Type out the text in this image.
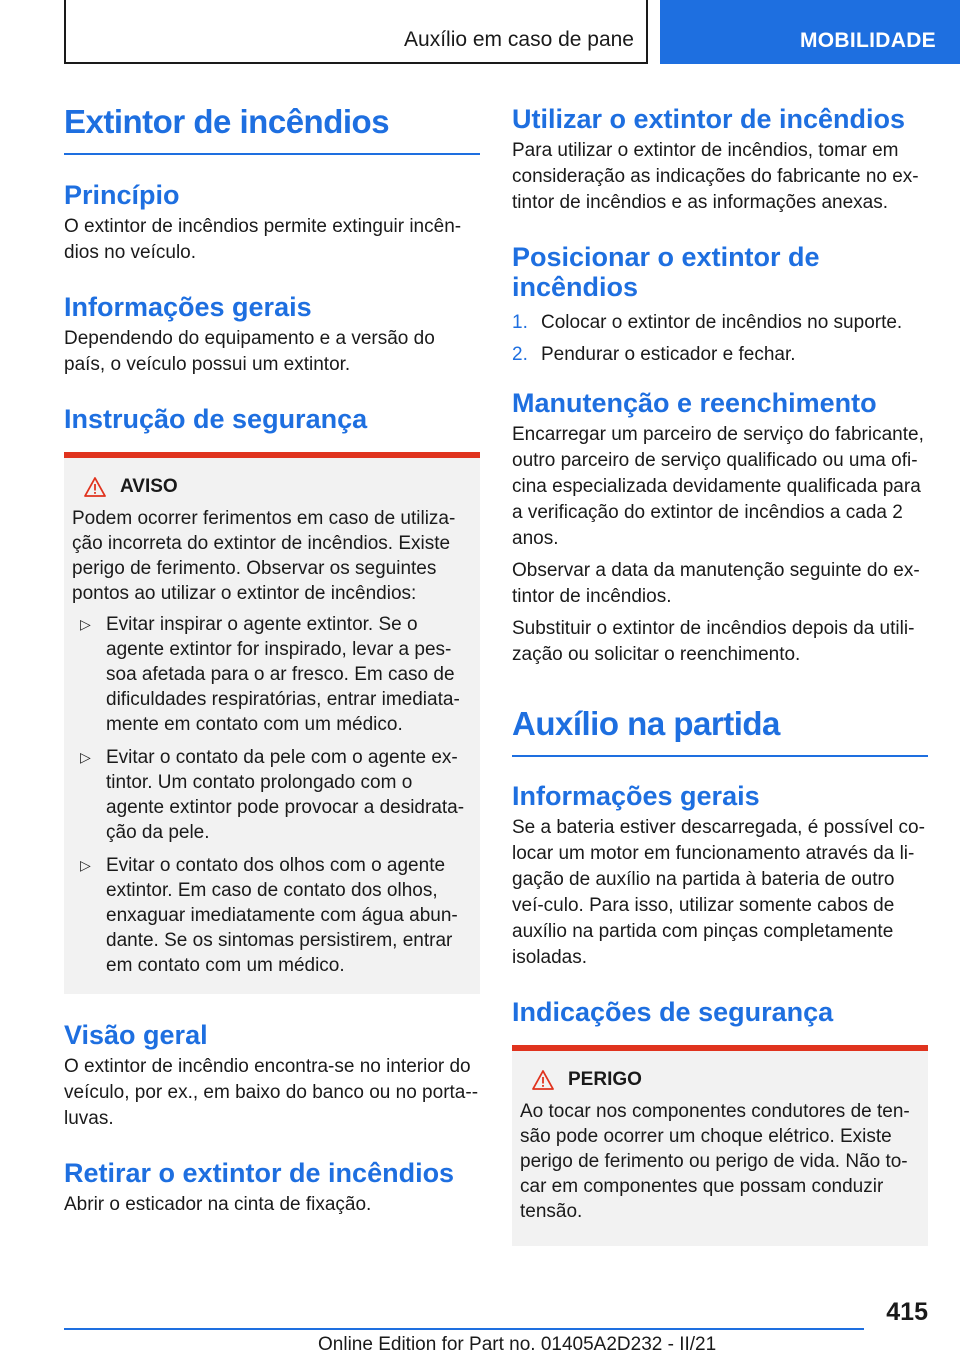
Auxílio em caso de pane	MOBILIDADE
Extintor de incêndios
Princípio

O extintor de incêndios permite extinguir incên-dios no veículo.

Informações gerais

Dependendo do equipamento e a versão do país, o veículo possui um extintor.

Instrução de segurança
AVISO

Podem ocorrer ferimentos em caso de utiliza-ção incorreta do extintor de incêndios. Existe perigo de ferimento. Observar os seguintes pontos ao utilizar o extintor de incêndios:

▷ Evitar inspirar o agente extintor. Se o agente extintor for inspirado, levar a pes-soa afetada para o ar fresco. Em caso de dificuldades respiratórias, entrar imediata-mente em contato com um médico.
▷ Evitar o contato da pele com o agente ex-tintor. Um contato prolongado com o agente extintor pode provocar a desidrata-ção da pele.
▷ Evitar o contato dos olhos com o agente extintor. Em caso de contato dos olhos, enxaguar imediatamente com água abun-dante. Se os sintomas persistirem, entrar em contato com um médico.
Visão geral

O extintor de incêndio encontra-se no interior do veículo, por ex., em baixo do banco ou no porta--luvas.

Retirar o extintor de incêndios

Abrir o esticador na cinta de fixação.

Utilizar o extintor de incêndios

Para utilizar o extintor de incêndios, tomar em consideração as indicações do fabricante no ex-tintor de incêndios e as informações anexas.

Posicionar o extintor de incêndios
1. Colocar o extintor de incêndios no suporte.
2. Pendurar o esticador e fechar.
Manutenção e reenchimento

Encarregar um parceiro de serviço do fabricante, outro parceiro de serviço qualificado ou uma ofi-cina especializada devidamente qualificada para a verificação do extintor de incêndios a cada 2 anos.

Observar a data da manutenção seguinte do ex-tintor de incêndios.

Substituir o extintor de incêndios depois da utili-zação ou solicitar o reenchimento.

Auxílio na partida
Informações gerais

Se a bateria estiver descarregada, é possível co-locar um motor em funcionamento através da li-gação de auxílio na partida à bateria de outro veí-culo. Para isso, utilizar somente cabos de auxílio na partida com pinças completamente isoladas.

Indicações de segurança
PERIGO

Ao tocar nos componentes condutores de ten-são pode ocorrer um choque elétrico. Existe perigo de ferimento ou perigo de vida. Não to-car em componentes que possam conduzir tensão.

415
Online Edition for Part no. 01405A2D232 - II/21
